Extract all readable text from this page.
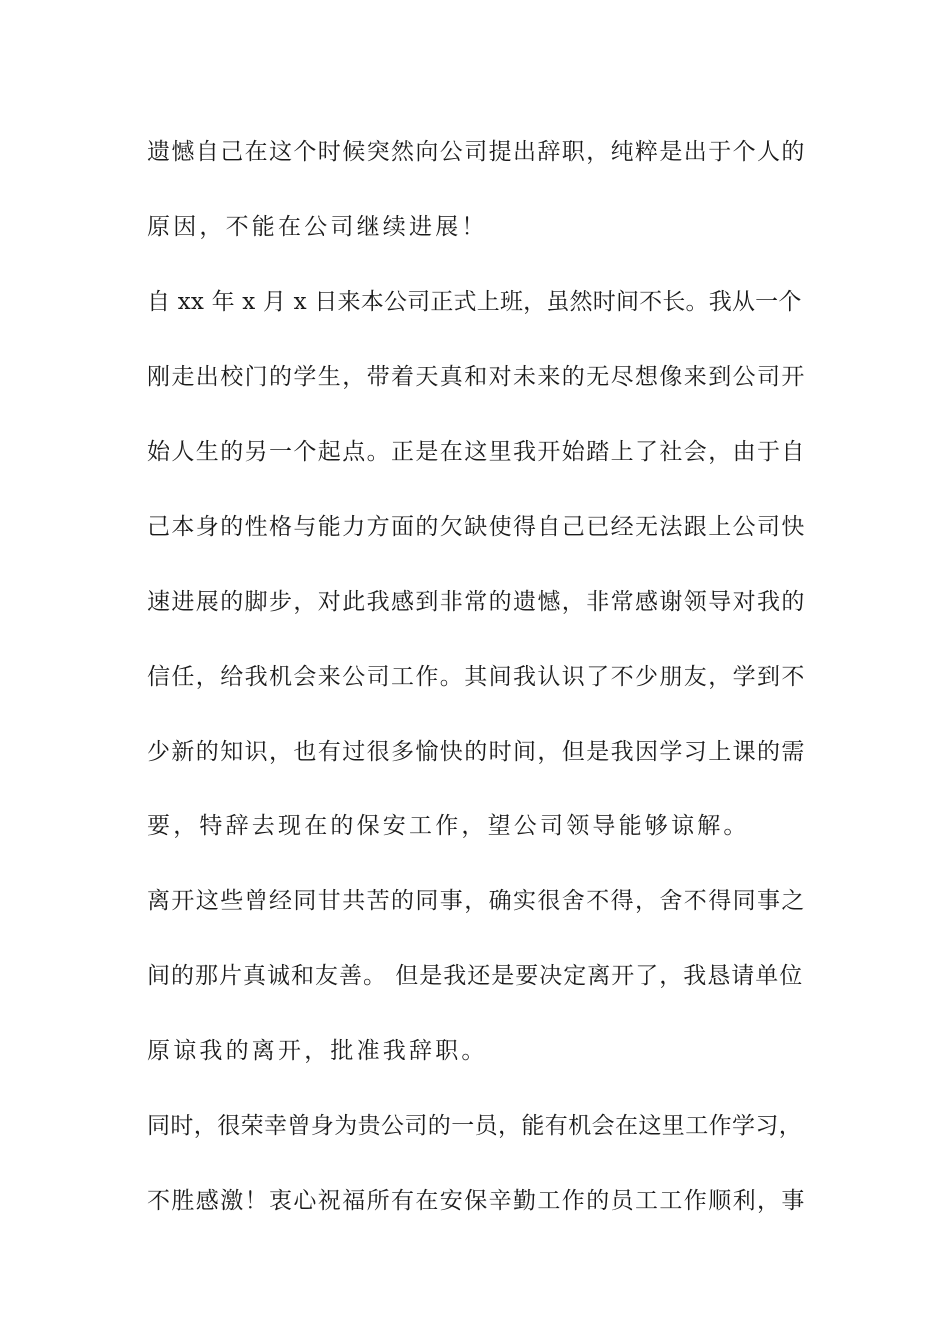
遗憾自己在这个时候突然向公司提出辞职，纯粹是出于个人的
原因，不能在公司继续进展！
自 xx 年 x 月 x 日来本公司正式上班，虽然时间不长。我从一个
刚走出校门的学生，带着天真和对未来的无尽想像来到公司开
始人生的另一个起点。正是在这里我开始踏上了社会，由于自
己本身的性格与能力方面的欠缺使得自己已经无法跟上公司快
速进展的脚步，对此我感到非常的遗憾，非常感谢领导对我的
信任，给我机会来公司工作。其间我认识了不少朋友，学到不
少新的知识，也有过很多愉快的时间，但是我因学习上课的需
要，特辞去现在的保安工作，望公司领导能够谅解。
离开这些曾经同甘共苦的同事，确实很舍不得，舍不得同事之
间的那片真诚和友善。 但是我还是要决定离开了，我恳请单位
原谅我的离开，批准我辞职。
同时，很荣幸曾身为贵公司的一员，能有机会在这里工作学习，
不胜感激！衷心祝福所有在安保辛勤工作的员工工作顺利，事
